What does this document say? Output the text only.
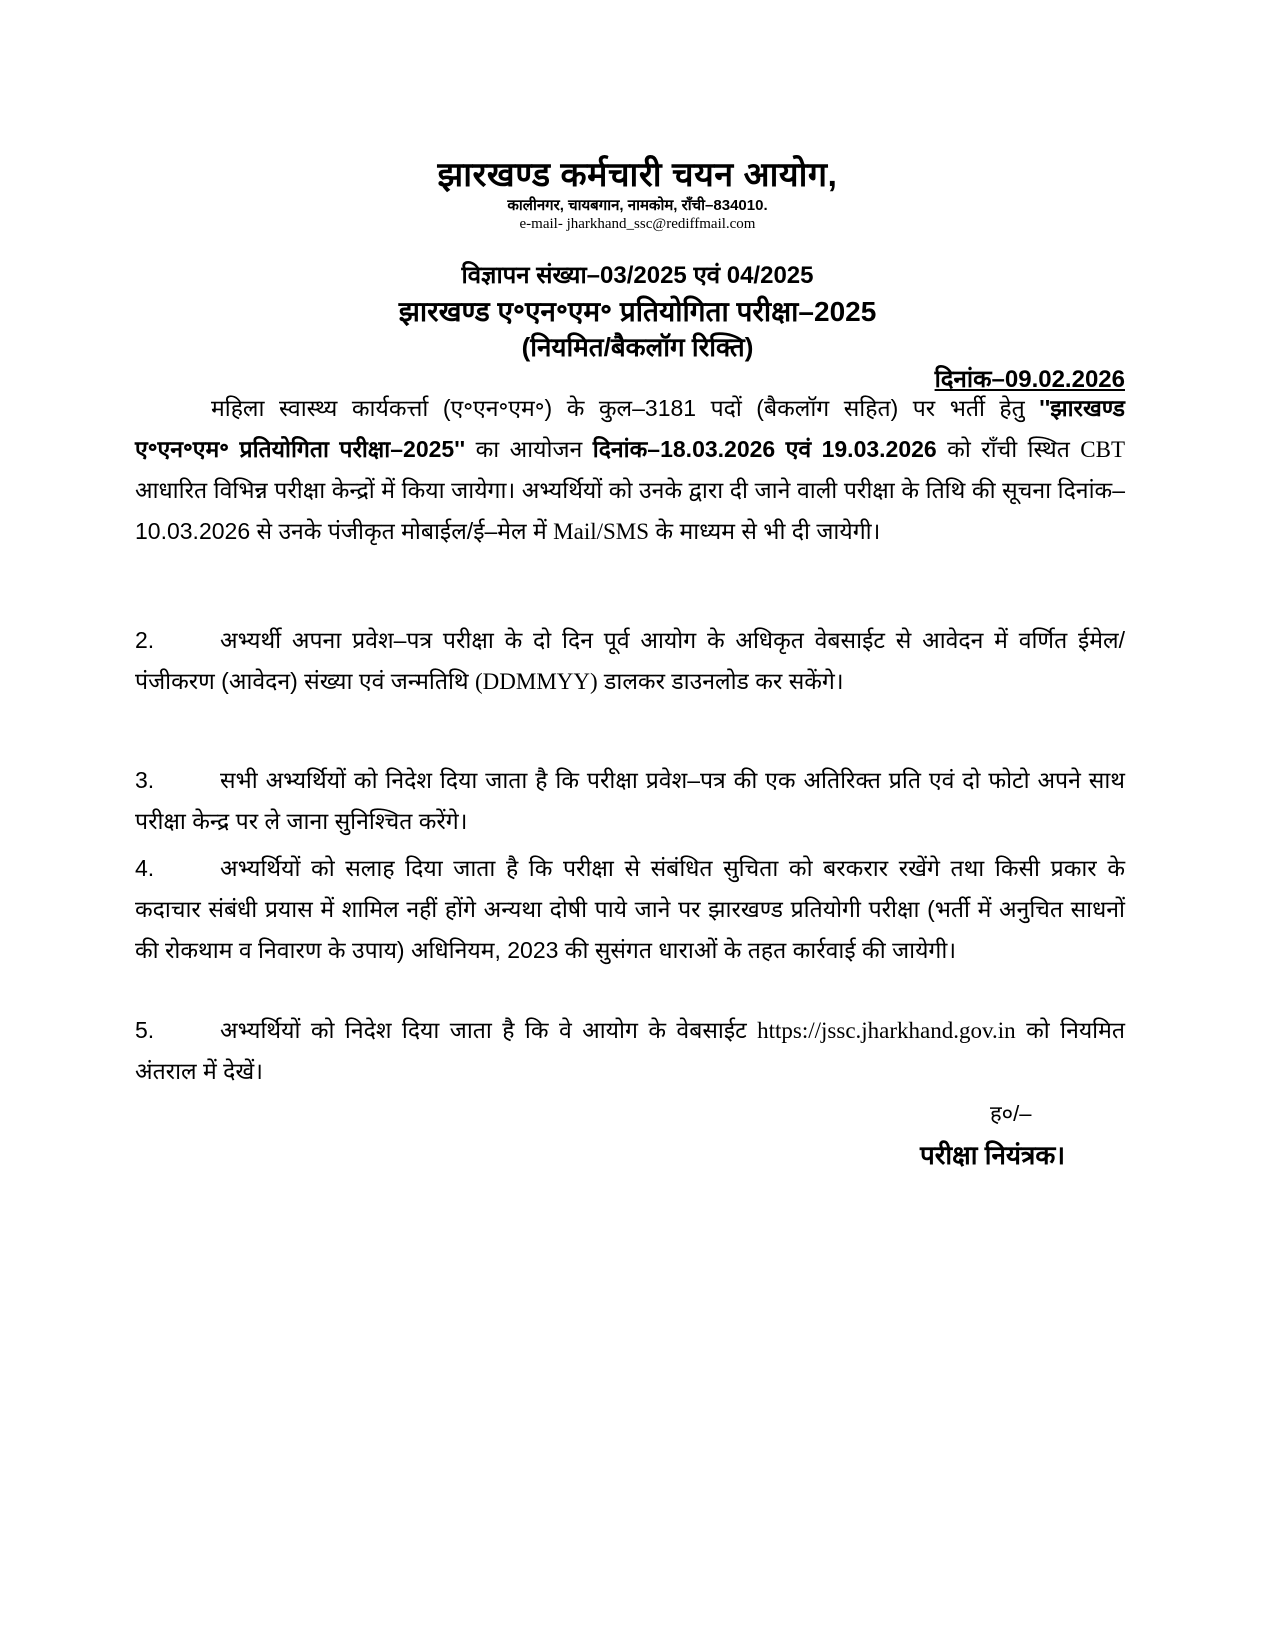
झारखण्ड कर्मचारी चयन आयोग,
कालीनगर, चायबगान, नामकोम, राँची–834010.
e-mail- jharkhand_ssc@rediffmail.com
विज्ञापन संख्या–03/2025 एवं 04/2025
झारखण्ड ए॰एन॰एम॰ प्रतियोगिता परीक्षा–2025
(नियमित/बैकलॉग रिक्ति)
दिनांक–09.02.2026
महिला स्वास्थ्य कार्यकर्त्ता (ए॰एन॰एम॰) के कुल–3181 पदों (बैकलॉग सहित) पर भर्ती हेतु ''झारखण्ड ए॰एन॰एम॰ प्रतियोगिता परीक्षा–2025'' का आयोजन दिनांक–18.03.2026 एवं 19.03.2026 को राँची स्थित CBT आधारित विभिन्न परीक्षा केन्द्रों में किया जायेगा। अभ्यर्थियों को उनके द्वारा दी जाने वाली परीक्षा के तिथि की सूचना दिनांक–10.03.2026 से उनके पंजीकृत मोबाईल/ई–मेल में Mail/SMS के माध्यम से भी दी जायेगी।
2.	अभ्यर्थी अपना प्रवेश–पत्र परीक्षा के दो दिन पूर्व आयोग के अधिकृत वेबसाईट से आवेदन में वर्णित ईमेल/पंजीकरण (आवेदन) संख्या एवं जन्मतिथि (DDMMYY) डालकर डाउनलोड कर सकेंगे।
3.	सभी अभ्यर्थियों को निदेश दिया जाता है कि परीक्षा प्रवेश–पत्र की एक अतिरिक्त प्रति एवं दो फोटो अपने साथ परीक्षा केन्द्र पर ले जाना सुनिश्चित करेंगे।
4.	अभ्यर्थियों को सलाह दिया जाता है कि परीक्षा से संबंधित सुचिता को बरकरार रखेंगे तथा किसी प्रकार के कदाचार संबंधी प्रयास में शामिल नहीं होंगे अन्यथा दोषी पाये जाने पर झारखण्ड प्रतियोगी परीक्षा (भर्ती में अनुचित साधनों की रोकथाम व निवारण के उपाय) अधिनियम, 2023 की सुसंगत धाराओं के तहत कार्रवाई की जायेगी।
5.	अभ्यर्थियों को निदेश दिया जाता है कि वे आयोग के वेबसाईट https://jssc.jharkhand.gov.in को नियमित अंतराल में देखें।
ह०/–
परीक्षा नियंत्रक।
